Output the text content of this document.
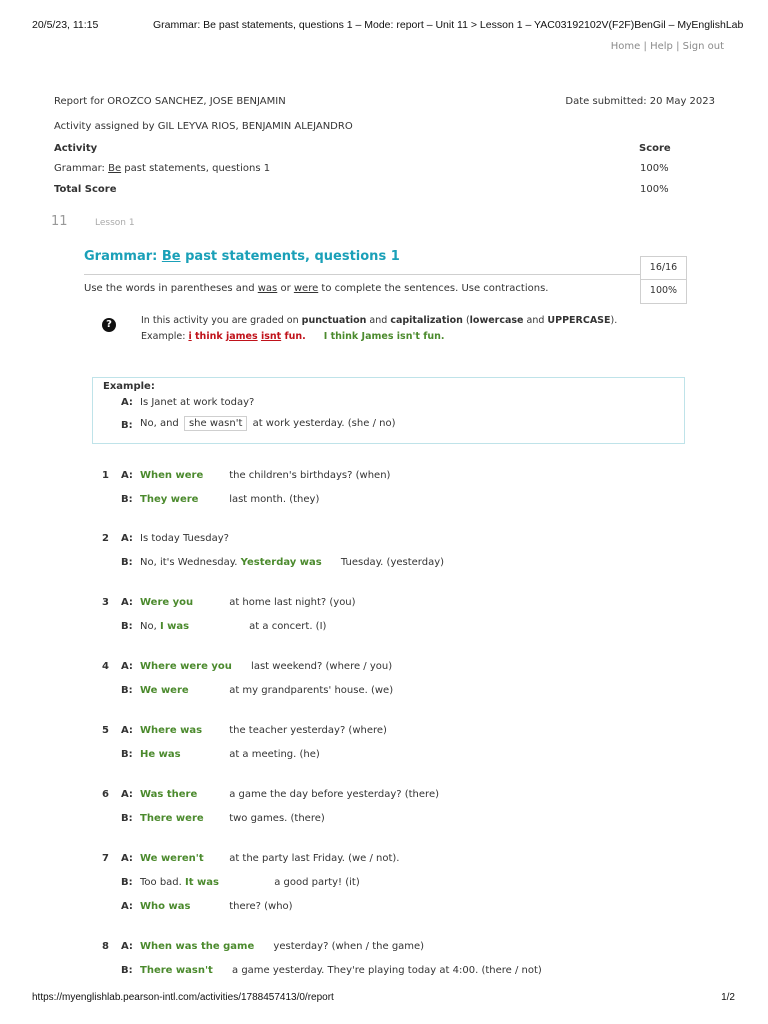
20/5/23, 11:15	Grammar: Be past statements, questions 1 – Mode: report – Unit 11 > Lesson 1 – YAC03192102V(F2F)BenGil – MyEnglishLab
Home | Help | Sign out
Report for OROZCO SANCHEZ, JOSE BENJAMIN	Date submitted: 20 May 2023
Activity assigned by GIL LEYVA RIOS, BENJAMIN ALEJANDRO
Activity	Score
Grammar: Be past statements, questions 1	100%
Total Score	100%
11	Lesson 1
Grammar: Be past statements, questions 1
16/16
100%
Use the words in parentheses and was or were to complete the sentences. Use contractions.
?	In this activity you are graded on punctuation and capitalization (lowercase and UPPERCASE).
Example: i think james isnt fun. I think James isn't fun.
Example:
A: Is Janet at work today?
B: No, and she wasn't at work yesterday. (she / no)
1 A: When were	the children's birthdays? (when)
B: They were	last month. (they)
2 A: Is today Tuesday?
B: No, it's Wednesday. Yesterday was Tuesday. (yesterday)
3 A: Were you	at home last night? (you)
B: No, I was	at a concert. (I)
4 A: Where were you last weekend? (where / you)
B: We were	at my grandparents' house. (we)
5 A: Where was	the teacher yesterday? (where)
B: He was	at a meeting. (he)
6 A: Was there	a game the day before yesterday? (there)
B: There were	two games. (there)
7 A: We weren't	at the party last Friday. (we / not).
B: Too bad. It was	a good party! (it)
A: Who was	there? (who)
8 A: When was the game yesterday? (when / the game)
B: There wasn't a game yesterday. They're playing today at 4:00. (there / not)
https://myenglishlab.pearson-intl.com/activities/1788457413/0/report	1/2
